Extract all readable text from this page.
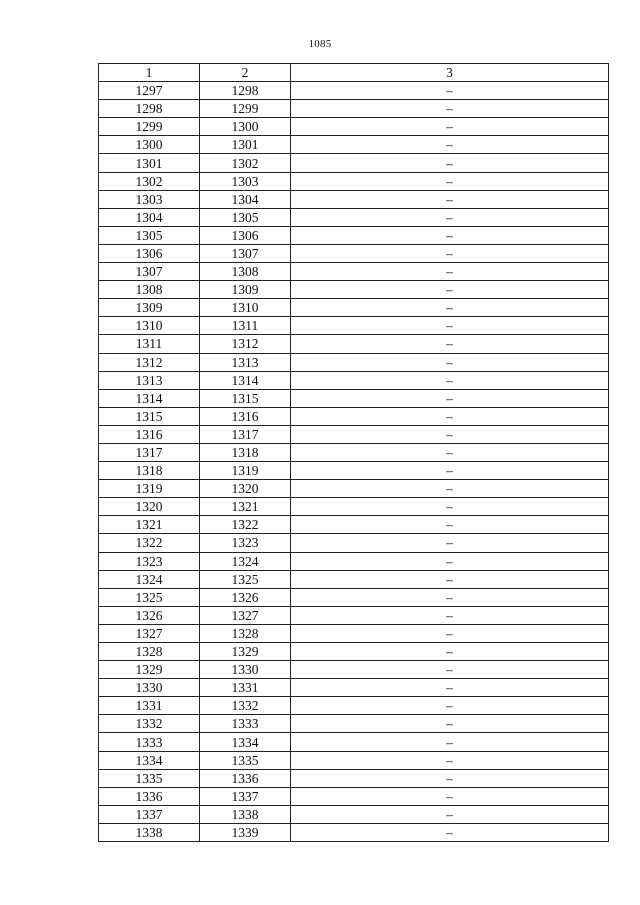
1085
1	2	3
1297	1298	–
1298	1299	–
1299	1300	–
1300	1301	–
1301	1302	–
1302	1303	–
1303	1304	–
1304	1305	–
1305	1306	–
1306	1307	–
1307	1308	–
1308	1309	–
1309	1310	–
1310	1311	–
1311	1312	–
1312	1313	–
1313	1314	–
1314	1315	–
1315	1316	–
1316	1317	–
1317	1318	–
1318	1319	–
1319	1320	–
1320	1321	–
1321	1322	–
1322	1323	–
1323	1324	–
1324	1325	–
1325	1326	–
1326	1327	–
1327	1328	–
1328	1329	–
1329	1330	–
1330	1331	–
1331	1332	–
1332	1333	–
1333	1334	–
1334	1335	–
1335	1336	–
1336	1337	–
1337	1338	–
1338	1339	–
